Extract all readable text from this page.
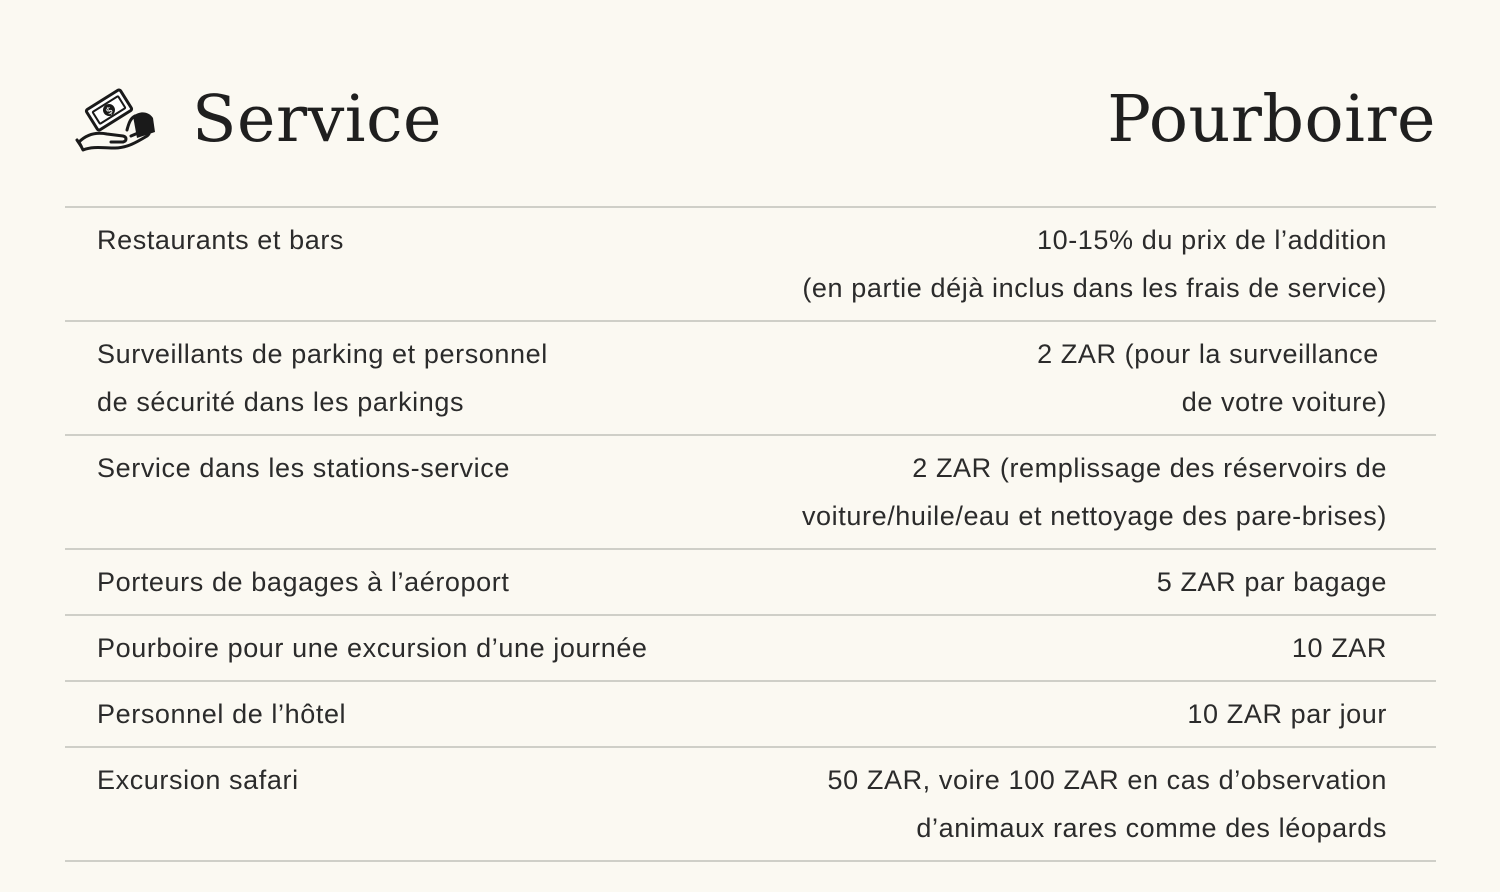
$ Service	Pourboire
Restaurants et bars	10-15% du prix de l’addition
(en partie déjà inclus dans les frais de service)

Surveillants de parking et personnel
de sécurité dans les parkings	2 ZAR (pour la surveillance
de votre voiture)

Service dans les stations-service	2 ZAR (remplissage des réservoirs de
voiture/huile/eau et nettoyage des pare-brises)

Porteurs de bagages à l’aéroport	5 ZAR par bagage

Pourboire pour une excursion d’une journée	10 ZAR

Personnel de l’hôtel	10 ZAR par jour

Excursion safari	50 ZAR, voire 100 ZAR en cas d’observation
d’animaux rares comme des léopards
